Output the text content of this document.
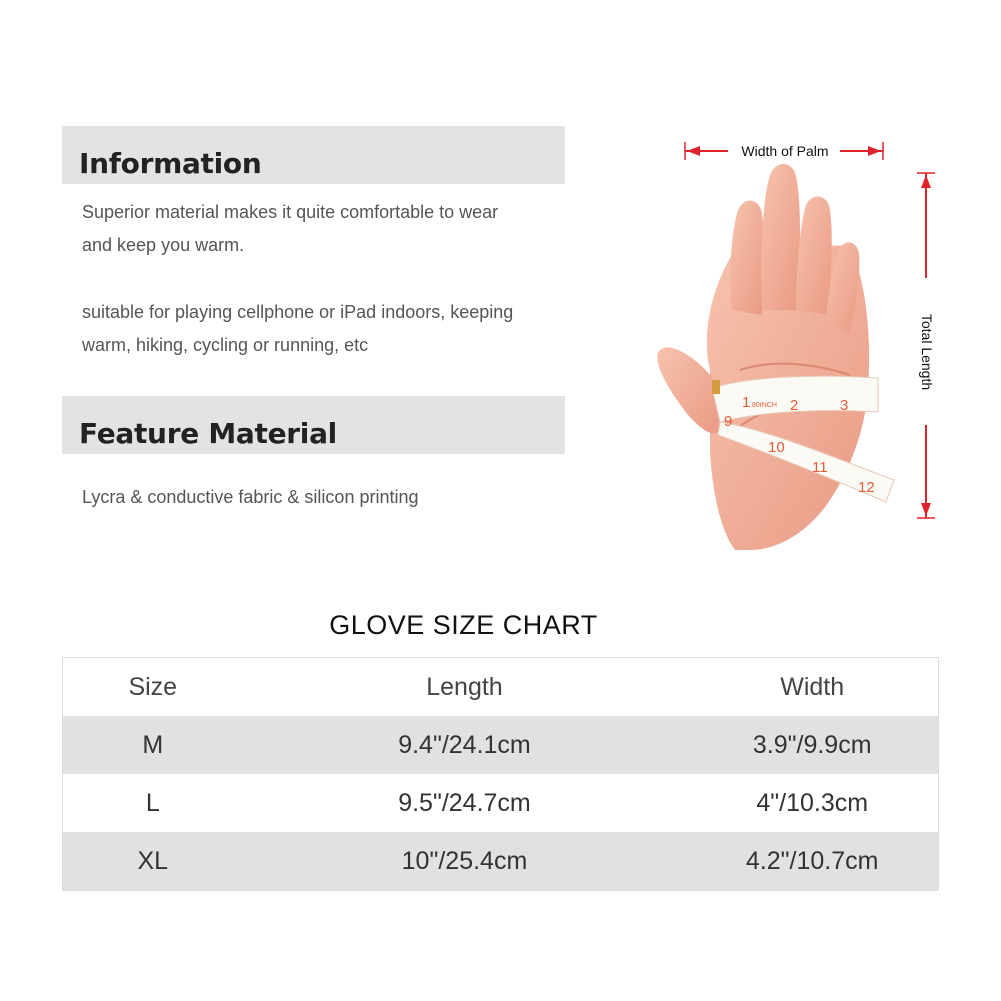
Information

Superior material makes it quite comfortable to wear
and keep you warm.

suitable for playing cellphone or iPad indoors, keeping
warm, hiking, cycling or running, etc

Feature Material

Lycra & conductive fabric & silicon printing

Width of Palm
Total Length
1 80INCH 2	3
9
10
11
12
GLOVE SIZE CHART
Size	Length	Width
M	9.4"/24.1cm	3.9"/9.9cm
L	9.5"/24.7cm	4"/10.3cm
XL	10"/25.4cm	4.2"/10.7cm
